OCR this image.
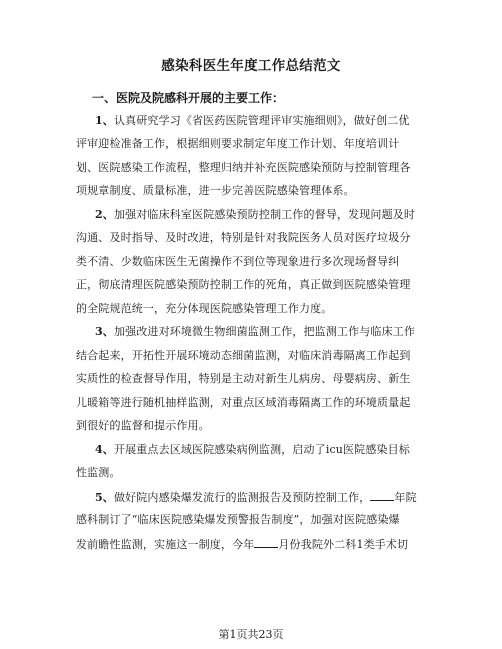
感染科医生年度工作总结范文
一、医院及院感科开展的主要工作：
1、认真研究学习《省医药医院管理评审实施细则》，做好创二优
评审迎检准备工作，根据细则要求制定年度工作计划、年度培训计
划、医院感染工作流程，整理归纳并补充医院感染预防与控制管理各
项规章制度、质量标准，进一步完善医院感染管理体系。
2、加强对临床科室医院感染预防控制工作的督导，发现问题及时
沟通、及时指导、及时改进，特别是针对我院医务人员对医疗垃圾分
类不清、少数临床医生无菌操作不到位等现象进行多次现场督导纠
正，彻底清理医院感染预防控制工作的死角，真正做到医院感染管理
的全院规范统一，充分体现医院感染管理工作力度。
3、加强改进对环境微生物细菌监测工作，把监测工作与临床工作
结合起来，开拓性开展环境动态细菌监测，对临床消毒隔离工作起到
实质性的检查督导作用，特别是主动对新生儿病房、母婴病房、新生
儿暖箱等进行随机抽样监测，对重点区域消毒隔离工作的环境质量起
到很好的监督和提示作用。
4、开展重点去区域医院感染病例监测，启动了icu医院感染目标
性监测。
5、做好院内感染爆发流行的监测报告及预防控制工作， 年院
感科制订了“临床医院感染爆发预警报告制度”，加强对医院感染爆
发前瞻性监测，实施这一制度，今年 月份我院外二科1类手术切
第1页共23页
